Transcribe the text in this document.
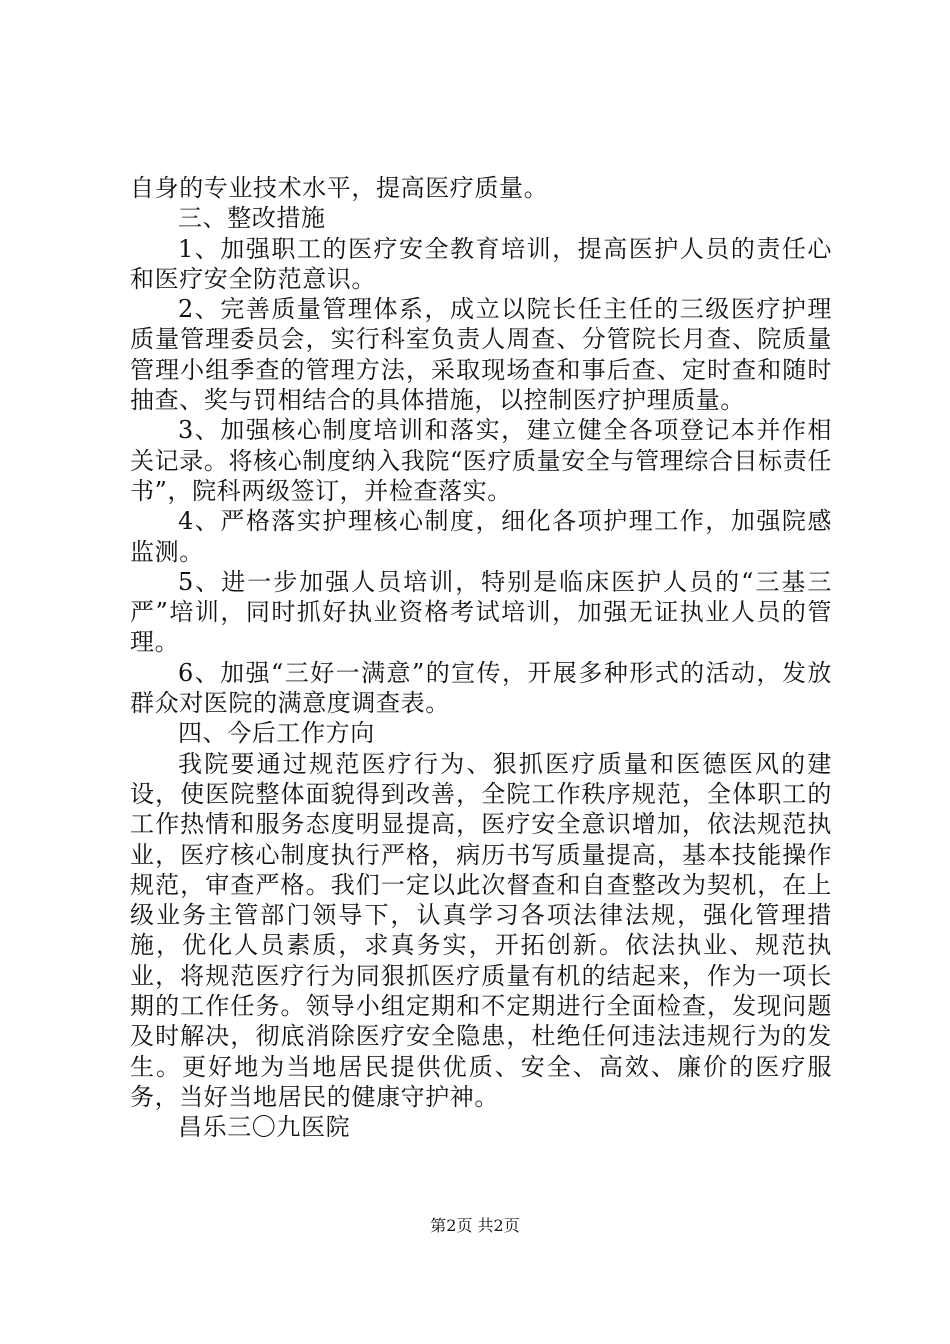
自身的专业技术水平，提高医疗质量。

三、整改措施

1、加强职工的医疗安全教育培训，提高医护人员的责任心和医疗安全防范意识。

2、完善质量管理体系，成立以院长任主任的三级医疗护理质量管理委员会，实行科室负责人周查、分管院长月查、院质量管理小组季查的管理方法，采取现场查和事后查、定时查和随时抽查、奖与罚相结合的具体措施，以控制医疗护理质量。

3、加强核心制度培训和落实，建立健全各项登记本并作相关记录。将核心制度纳入我院“医疗质量安全与管理综合目标责任书”，院科两级签订，并检查落实。

4、严格落实护理核心制度，细化各项护理工作，加强院感监测。

5、进一步加强人员培训，特别是临床医护人员的“三基三严”培训，同时抓好执业资格考试培训，加强无证执业人员的管理。

6、加强“三好一满意”的宣传，开展多种形式的活动，发放群众对医院的满意度调查表。

四、今后工作方向

我院要通过规范医疗行为、狠抓医疗质量和医德医风的建设，使医院整体面貌得到改善，全院工作秩序规范，全体职工的工作热情和服务态度明显提高，医疗安全意识增加，依法规范执业，医疗核心制度执行严格，病历书写质量提高，基本技能操作规范，审查严格。我们一定以此次督查和自查整改为契机，在上级业务主管部门领导下，认真学习各项法律法规，强化管理措施，优化人员素质，求真务实，开拓创新。依法执业、规范执业，将规范医疗行为同狠抓医疗质量有机的结起来，作为一项长期的工作任务。领导小组定期和不定期进行全面检查，发现问题及时解决，彻底消除医疗安全隐患，杜绝任何违法违规行为的发生。更好地为当地居民提供优质、安全、高效、廉价的医疗服务，当好当地居民的健康守护神。

昌乐三〇九医院

第2页 共2页
